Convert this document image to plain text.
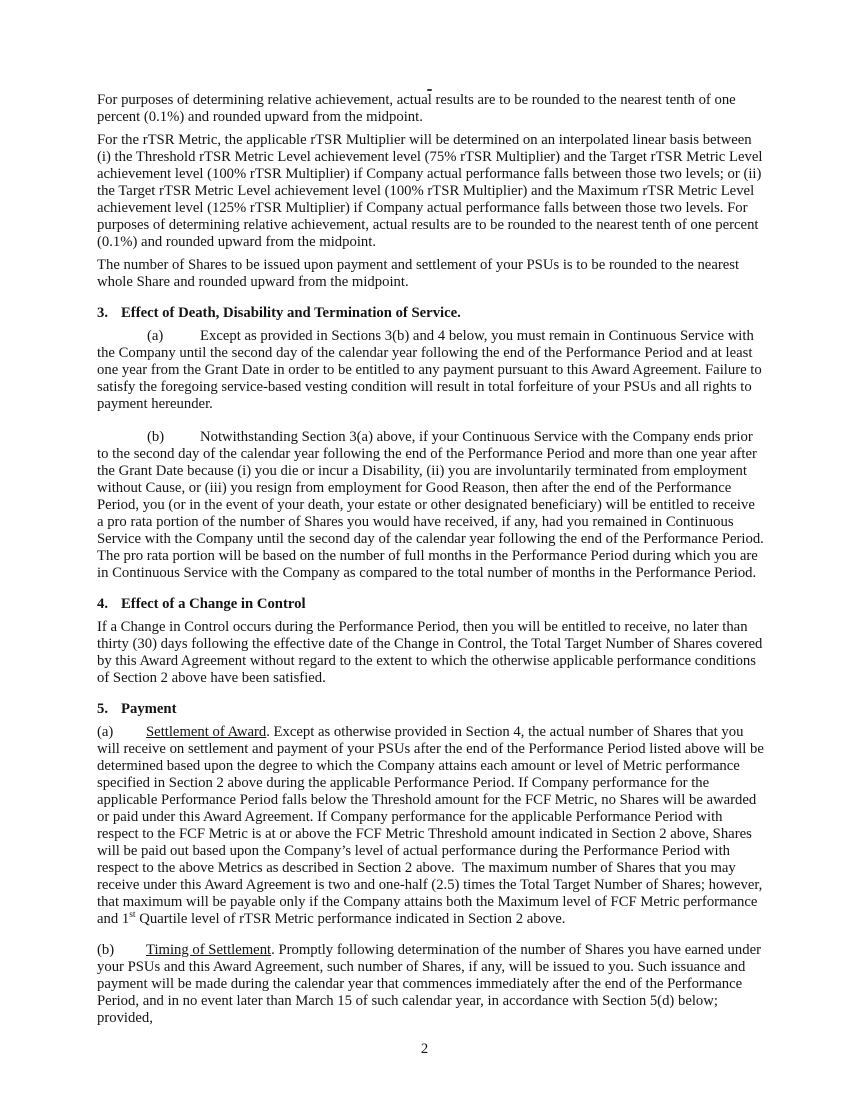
For purposes of determining relative achievement, actual results are to be rounded to the nearest tenth of one percent (0.1%) and rounded upward from the midpoint.

For the rTSR Metric, the applicable rTSR Multiplier will be determined on an interpolated linear basis between (i) the Threshold rTSR Metric Level achievement level (75% rTSR Multiplier) and the Target rTSR Metric Level achievement level (100% rTSR Multiplier) if Company actual performance falls between those two levels; or (ii) the Target rTSR Metric Level achievement level (100% rTSR Multiplier) and the Maximum rTSR Metric Level achievement level (125% rTSR Multiplier) if Company actual performance falls between those two levels. For purposes of determining relative achievement, actual results are to be rounded to the nearest tenth of one percent (0.1%) and rounded upward from the midpoint.

The number of Shares to be issued upon payment and settlement of your PSUs is to be rounded to the nearest whole Share and rounded upward from the midpoint.

3. Effect of Death, Disability and Termination of Service.

(a) Except as provided in Sections 3(b) and 4 below, you must remain in Continuous Service with the Company until the second day of the calendar year following the end of the Performance Period and at least one year from the Grant Date in order to be entitled to any payment pursuant to this Award Agreement. Failure to satisfy the foregoing service-based vesting condition will result in total forfeiture of your PSUs and all rights to payment hereunder.

(b) Notwithstanding Section 3(a) above, if your Continuous Service with the Company ends prior to the second day of the calendar year following the end of the Performance Period and more than one year after the Grant Date because (i) you die or incur a Disability, (ii) you are involuntarily terminated from employment without Cause, or (iii) you resign from employment for Good Reason, then after the end of the Performance Period, you (or in the event of your death, your estate or other designated beneficiary) will be entitled to receive a pro rata portion of the number of Shares you would have received, if any, had you remained in Continuous Service with the Company until the second day of the calendar year following the end of the Performance Period. The pro rata portion will be based on the number of full months in the Performance Period during which you are in Continuous Service with the Company as compared to the total number of months in the Performance Period.

4. Effect of a Change in Control

If a Change in Control occurs during the Performance Period, then you will be entitled to receive, no later than thirty (30) days following the effective date of the Change in Control, the Total Target Number of Shares covered by this Award Agreement without regard to the extent to which the otherwise applicable performance conditions of Section 2 above have been satisfied.

5. Payment

(a) Settlement of Award. Except as otherwise provided in Section 4, the actual number of Shares that you will receive on settlement and payment of your PSUs after the end of the Performance Period listed above will be determined based upon the degree to which the Company attains each amount or level of Metric performance specified in Section 2 above during the applicable Performance Period. If Company performance for the applicable Performance Period falls below the Threshold amount for the FCF Metric, no Shares will be awarded or paid under this Award Agreement. If Company performance for the applicable Performance Period with respect to the FCF Metric is at or above the FCF Metric Threshold amount indicated in Section 2 above, Shares will be paid out based upon the Company’s level of actual performance during the Performance Period with respect to the above Metrics as described in Section 2 above.  The maximum number of Shares that you may receive under this Award Agreement is two and one-half (2.5) times the Total Target Number of Shares; however, that maximum will be payable only if the Company attains both the Maximum level of FCF Metric performance and 1st Quartile level of rTSR Metric performance indicated in Section 2 above.

(b) Timing of Settlement. Promptly following determination of the number of Shares you have earned under your PSUs and this Award Agreement, such number of Shares, if any, will be issued to you. Such issuance and payment will be made during the calendar year that commences immediately after the end of the Performance Period, and in no event later than March 15 of such calendar year, in accordance with Section 5(d) below; provided,

2
